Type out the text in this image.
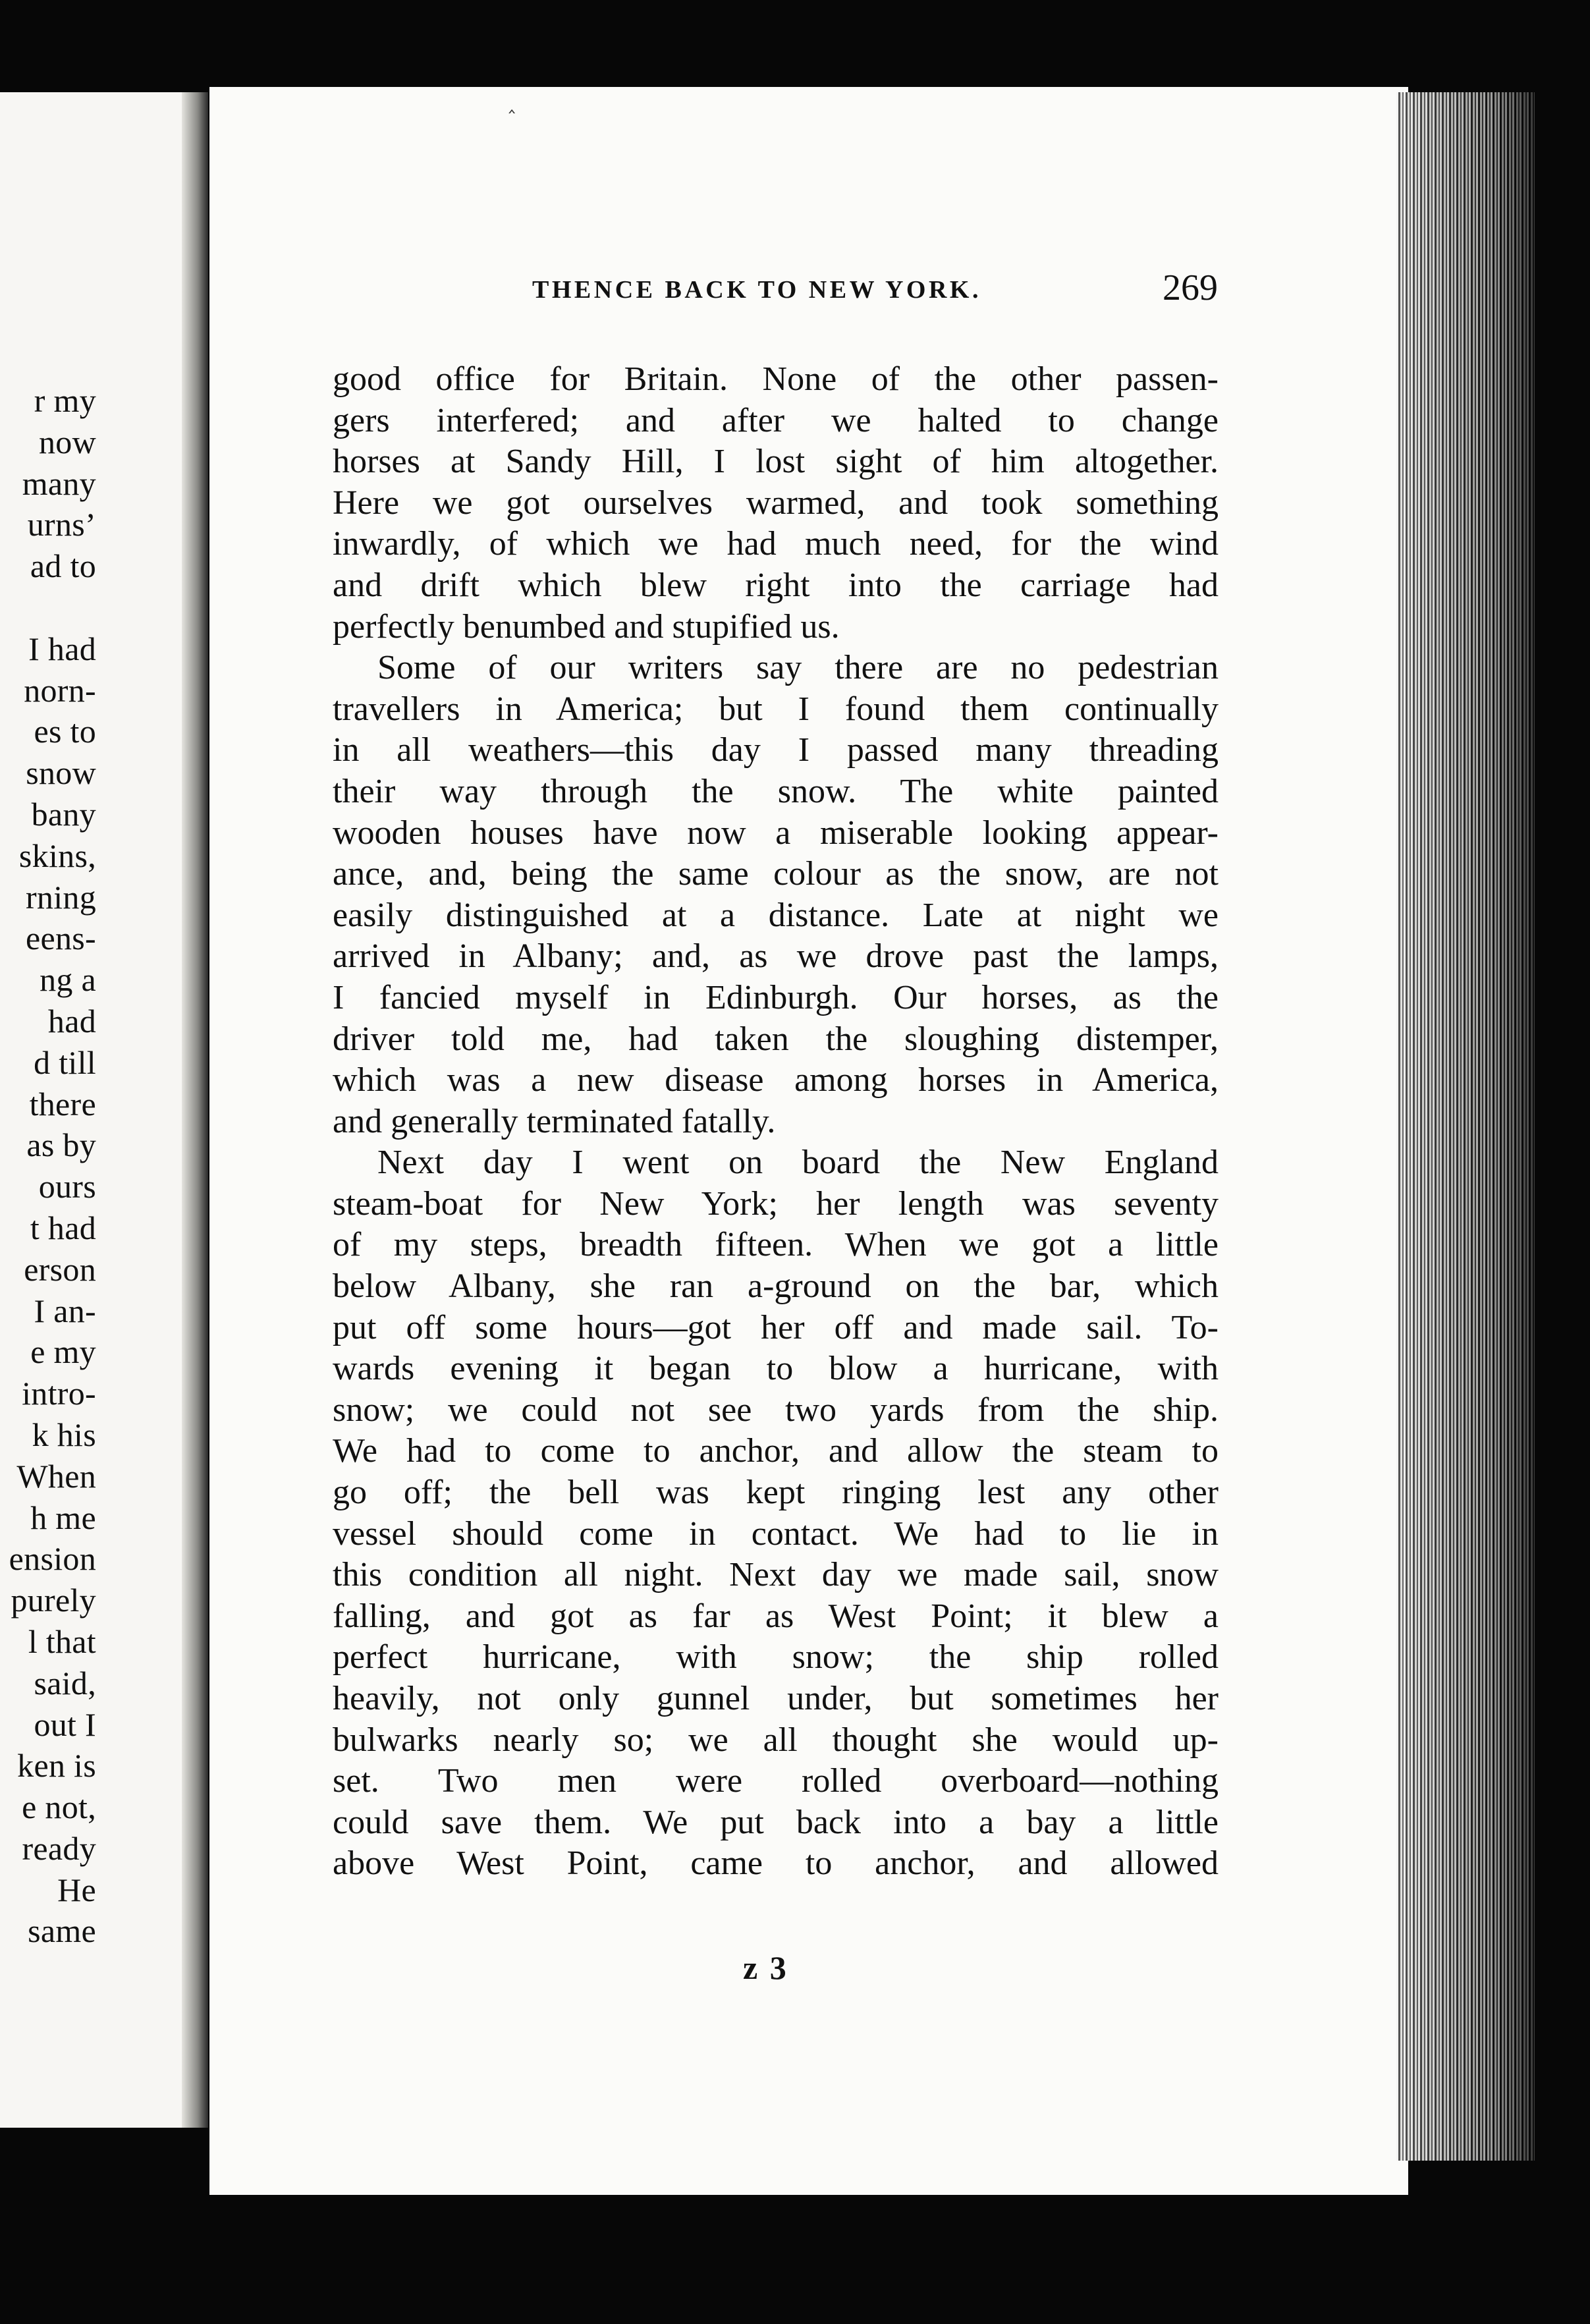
r my
now
many
urns’
ad to

I had
norn-
es to
snow
bany
skins,
rning
eens-
ng a
had
d till
there
as by
ours
t had
erson
I an-
e my
intro-
k his
When
h me
ension
purely
l that
said,
out I
ken is
e not,
ready
He
same
‸
THENCE BACK TO NEW YORK.	269
good office for Britain. None of the other passen-
gers interfered; and after we halted to change
horses at Sandy Hill, I lost sight of him altogether.
Here we got ourselves warmed, and took something
inwardly, of which we had much need, for the wind
and drift which blew right into the carriage had
perfectly benumbed and stupified us.
Some of our writers say there are no pedestrian
travellers in America; but I found them continually
in all weathers—this day I passed many threading
their way through the snow. The white painted
wooden houses have now a miserable looking appear-
ance, and, being the same colour as the snow, are not
easily distinguished at a distance. Late at night we
arrived in Albany; and, as we drove past the lamps,
I fancied myself in Edinburgh. Our horses, as the
driver told me, had taken the sloughing distemper,
which was a new disease among horses in America,
and generally terminated fatally.
Next day I went on board the New England
steam-boat for New York; her length was seventy
of my steps, breadth fifteen. When we got a little
below Albany, she ran a-ground on the bar, which
put off some hours—got her off and made sail. To-
wards evening it began to blow a hurricane, with
snow; we could not see two yards from the ship.
We had to come to anchor, and allow the steam to
go off; the bell was kept ringing lest any other
vessel should come in contact. We had to lie in
this condition all night. Next day we made sail, snow
falling, and got as far as West Point; it blew a
perfect hurricane, with snow; the ship rolled
heavily, not only gunnel under, but sometimes her
bulwarks nearly so; we all thought she would up-
set. Two men were rolled overboard—nothing
could save them. We put back into a bay a little
above West Point, came to anchor, and allowed
z 3
